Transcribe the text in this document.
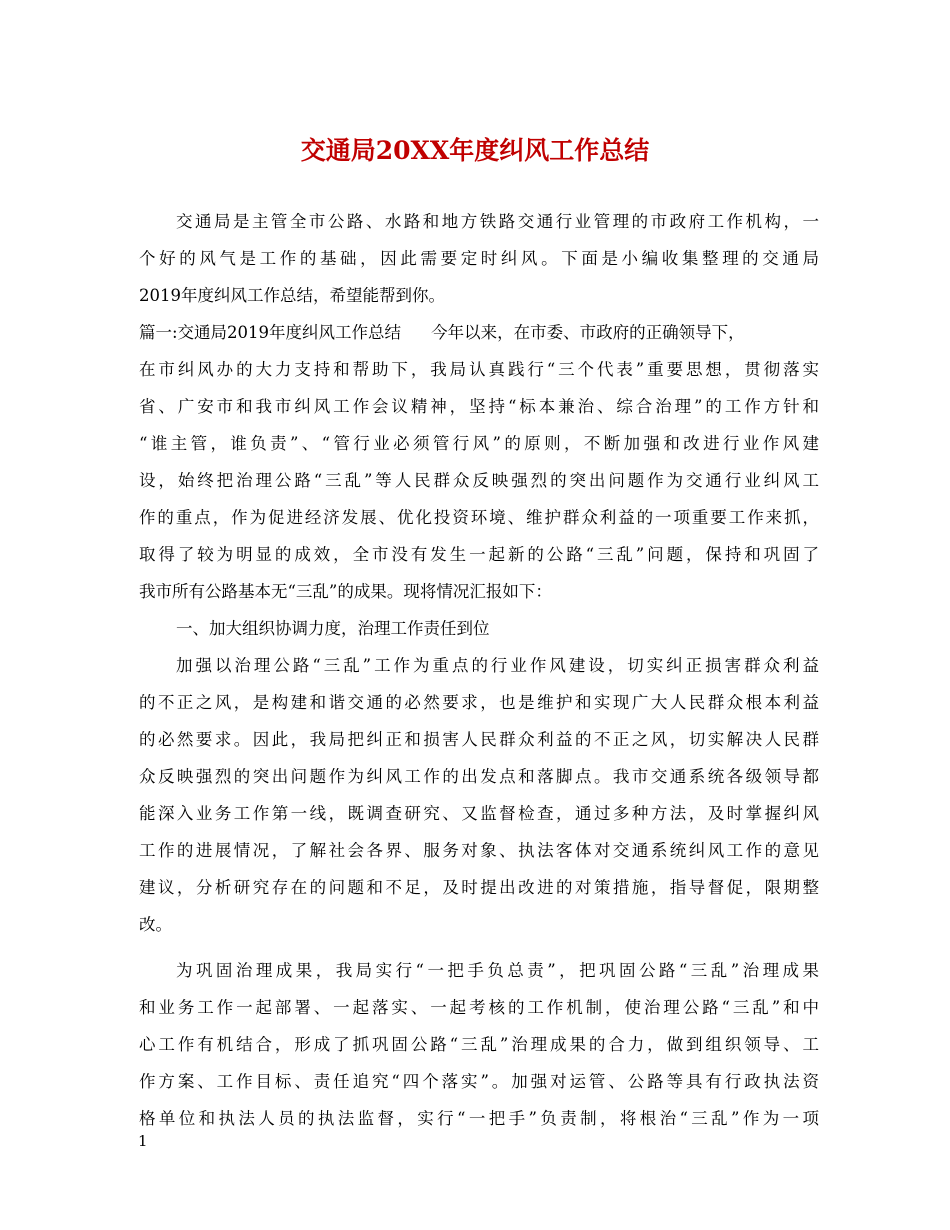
交通局20XX年度纠风工作总结
交通局是主管全市公路、水路和地方铁路交通行业管理的市政府工作机构，一
个好的风气是工作的基础，因此需要定时纠风。下面是小编收集整理的交通局
2019年度纠风工作总结，希望能帮到你。
篇一:交通局2019年度纠风工作总结 今年以来，在市委、市政府的正确领导下，
在市纠风办的大力支持和帮助下，我局认真践行“三个代表”重要思想，贯彻落实
省、广安市和我市纠风工作会议精神，坚持“标本兼治、综合治理”的工作方针和
“谁主管，谁负责”、“管行业必须管行风”的原则，不断加强和改进行业作风建
设，始终把治理公路“三乱”等人民群众反映强烈的突出问题作为交通行业纠风工
作的重点，作为促进经济发展、优化投资环境、维护群众利益的一项重要工作来抓，
取得了较为明显的成效，全市没有发生一起新的公路“三乱”问题，保持和巩固了
我市所有公路基本无“三乱”的成果。现将情况汇报如下：
一、加大组织协调力度，治理工作责任到位
加强以治理公路“三乱”工作为重点的行业作风建设，切实纠正损害群众利益
的不正之风，是构建和谐交通的必然要求，也是维护和实现广大人民群众根本利益
的必然要求。因此，我局把纠正和损害人民群众利益的不正之风，切实解决人民群
众反映强烈的突出问题作为纠风工作的出发点和落脚点。我市交通系统各级领导都
能深入业务工作第一线，既调查研究、又监督检查，通过多种方法，及时掌握纠风
工作的进展情况，了解社会各界、服务对象、执法客体对交通系统纠风工作的意见
建议，分析研究存在的问题和不足，及时提出改进的对策措施，指导督促，限期整
改。
为巩固治理成果，我局实行“一把手负总责”，把巩固公路“三乱”治理成果
和业务工作一起部署、一起落实、一起考核的工作机制，使治理公路“三乱”和中
心工作有机结合，形成了抓巩固公路“三乱”治理成果的合力，做到组织领导、工
作方案、工作目标、责任追究“四个落实”。加强对运管、公路等具有行政执法资
格单位和执法人员的执法监督，实行“一把手”负责制，将根治“三乱”作为一项
1
